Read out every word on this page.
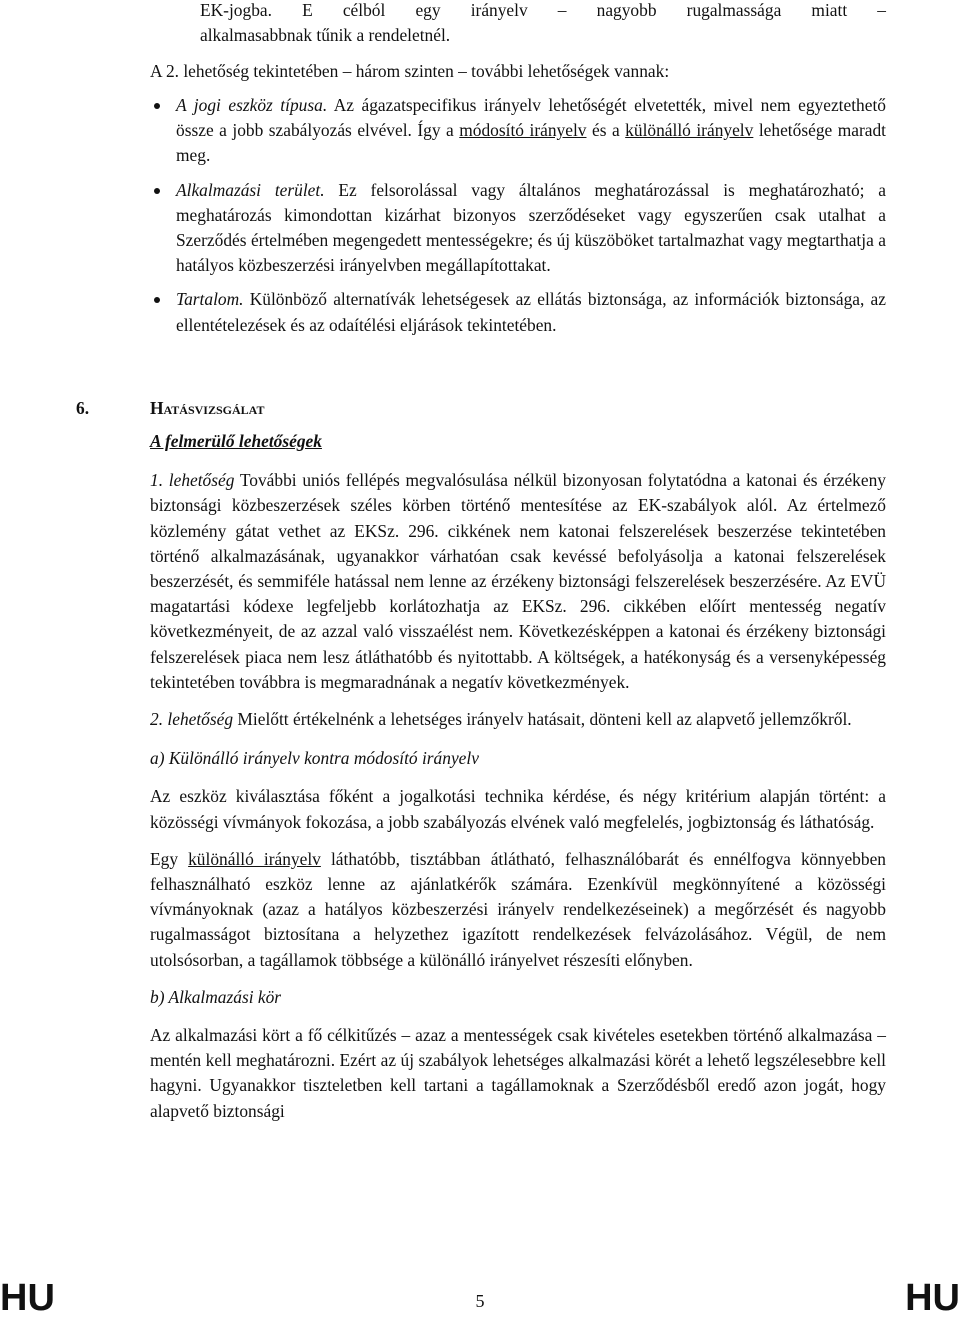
EK-jogba. E célból egy irányelv – nagyobb rugalmassága miatt –

alkalmasabbnak tűnik a rendeletnél.

A 2. lehetőség tekintetében – három szinten – további lehetőségek vannak:

A jogi eszköz típusa. Az ágazatspecifikus irányelv lehetőségét elvetették, mivel nem egyeztethető össze a jobb szabályozás elvével. Így a módosító irányelv és a különálló irányelv lehetősége maradt meg.
Alkalmazási terület. Ez felsorolással vagy általános meghatározással is meghatározható; a meghatározás kimondottan kizárhat bizonyos szerződéseket vagy egyszerűen csak utalhat a Szerződés értelmében megengedett mentességekre; és új küszöböket tartalmazhat vagy megtarthatja a hatályos közbeszerzési irányelvben megállapítottakat.
Tartalom. Különböző alternatívák lehetségesek az ellátás biztonsága, az információk biztonsága, az ellentételezések és az odaítélési eljárások tekintetében.

A felmerülő lehetőségek

1. lehetőség További uniós fellépés megvalósulása nélkül bizonyosan folytatódna a katonai és érzékeny biztonsági közbeszerzések széles körben történő mentesítése az EK-szabályok alól. Az értelmező közlemény gátat vethet az EKSz. 296. cikkének nem katonai felszerelések beszerzése tekintetében történő alkalmazásának, ugyanakkor várhatóan csak kevéssé befolyásolja a katonai felszerelések beszerzését, és semmiféle hatással nem lenne az érzékeny biztonsági felszerelések beszerzésére. Az EVÜ magatartási kódexe legfeljebb korlátozhatja az EKSz. 296. cikkében előírt mentesség negatív következményeit, de az azzal való visszaélést nem. Következésképpen a katonai és érzékeny biztonsági felszerelések piaca nem lesz átláthatóbb és nyitottabb. A költségek, a hatékonyság és a versenyképesség tekintetében továbbra is megmaradnának a negatív következmények.

2. lehetőség Mielőtt értékelnénk a lehetséges irányelv hatásait, dönteni kell az alapvető jellemzőkről.

a) Különálló irányelv kontra módosító irányelv

Az eszköz kiválasztása főként a jogalkotási technika kérdése, és négy kritérium alapján történt: a közösségi vívmányok fokozása, a jobb szabályozás elvének való megfelelés, jogbiztonság és láthatóság.

Egy különálló irányelv láthatóbb, tisztábban átlátható, felhasználóbarát és ennélfogva könnyebben felhasználható eszköz lenne az ajánlatkérők számára. Ezenkívül megkönnyítené a közösségi vívmányoknak (azaz a hatályos közbeszerzési irányelv rendelkezéseinek) a megőrzését és nagyobb rugalmasságot biztosítana a helyzethez igazított rendelkezések felvázolásához. Végül, de nem utolsósorban, a tagállamok többsége a különálló irányelvet részesíti előnyben.

b) Alkalmazási kör

Az alkalmazási kört a fő célkitűzés – azaz a mentességek csak kivételes esetekben történő alkalmazása – mentén kell meghatározni. Ezért az új szabályok lehetséges alkalmazási körét a lehető legszélesebbre kell hagyni. Ugyanakkor tiszteletben kell tartani a tagállamoknak a Szerződésből eredő azon jogát, hogy alapvető biztonsági

6.	Hatásvizsgálat
HU	5	HU
